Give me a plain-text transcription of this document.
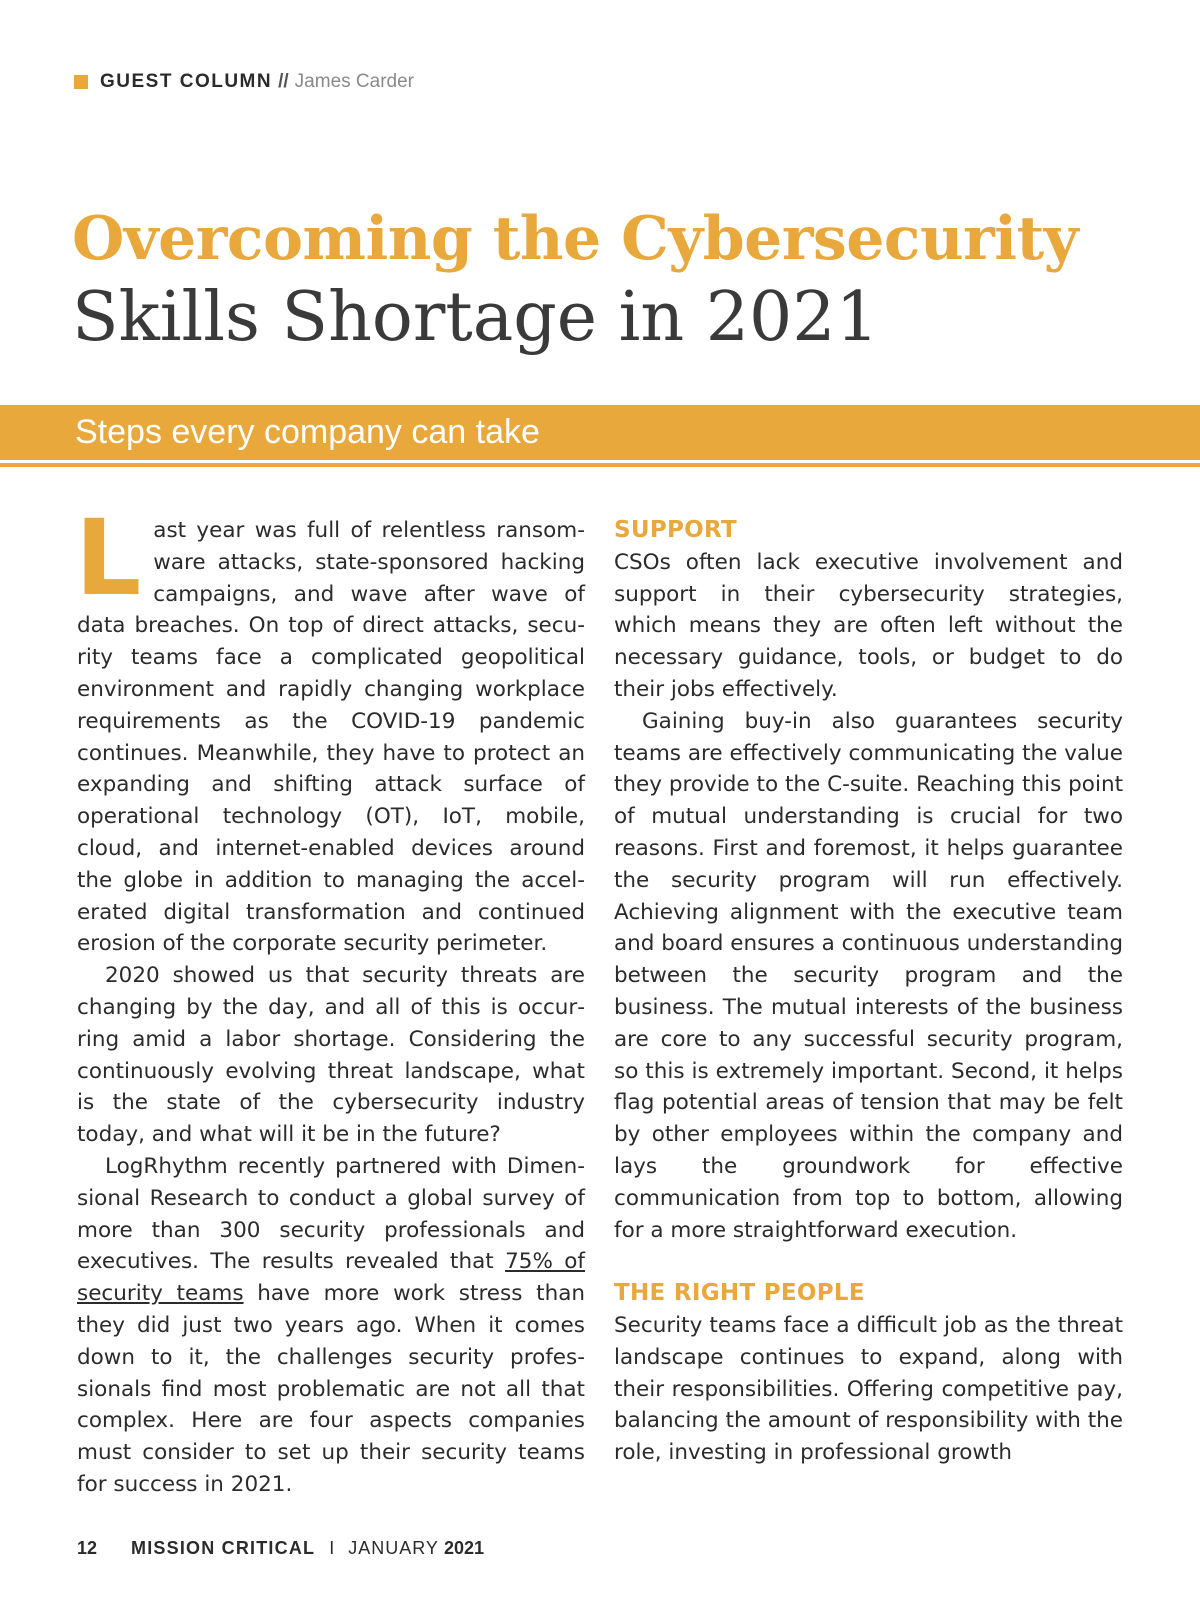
GUEST COLUMN // James Carder
Overcoming the Cybersecurity
Skills Shortage in 2021
Steps every company can take

Last year was full of relentless ransomware attacks, state-sponsored hacking campaigns, and wave after wave of data breaches. On top of direct attacks, security teams face a complicated geopolitical environment and rapidly changing workplace requirements as the COVID-19 pandemic continues. Meanwhile, they have to protect an expanding and shifting attack surface of operational technology (OT), IoT, mobile, cloud, and internet-enabled devices around the globe in addition to managing the accelerated digital transformation and continued erosion of the corporate security perimeter.

2020 showed us that security threats are changing by the day, and all of this is occurring amid a labor shortage. Considering the continuously evolving threat landscape, what is the state of the cybersecurity industry today, and what will it be in the future?

LogRhythm recently partnered with Dimensional Research to conduct a global survey of more than 300 security professionals and executives. The results revealed that 75% of security teams have more work stress than they did just two years ago. When it comes down to it, the challenges security professionals find most problematic are not all that complex. Here are four aspects companies must consider to set up their security teams for success in 2021.

SUPPORT

CSOs often lack executive involvement and support in their cybersecurity strategies, which means they are often left without the necessary guidance, tools, or budget to do their jobs effectively.

Gaining buy-in also guarantees security teams are effectively communicating the value they provide to the C-suite. Reaching this point of mutual understanding is crucial for two reasons. First and foremost, it helps guarantee the security program will run effectively. Achieving alignment with the executive team and board ensures a continuous understanding between the security program and the business. The mutual interests of the business are core to any successful security program, so this is extremely important. Second, it helps flag potential areas of tension that may be felt by other employees within the company and lays the groundwork for effective communication from top to bottom, allowing for a more straightforward execution.

THE RIGHT PEOPLE

Security teams face a difficult job as the threat landscape continues to expand, along with their responsibilities. Offering competitive pay, balancing the amount of responsibility with the role, investing in professional growth

12 MISSION CRITICAL I JANUARY 2021
